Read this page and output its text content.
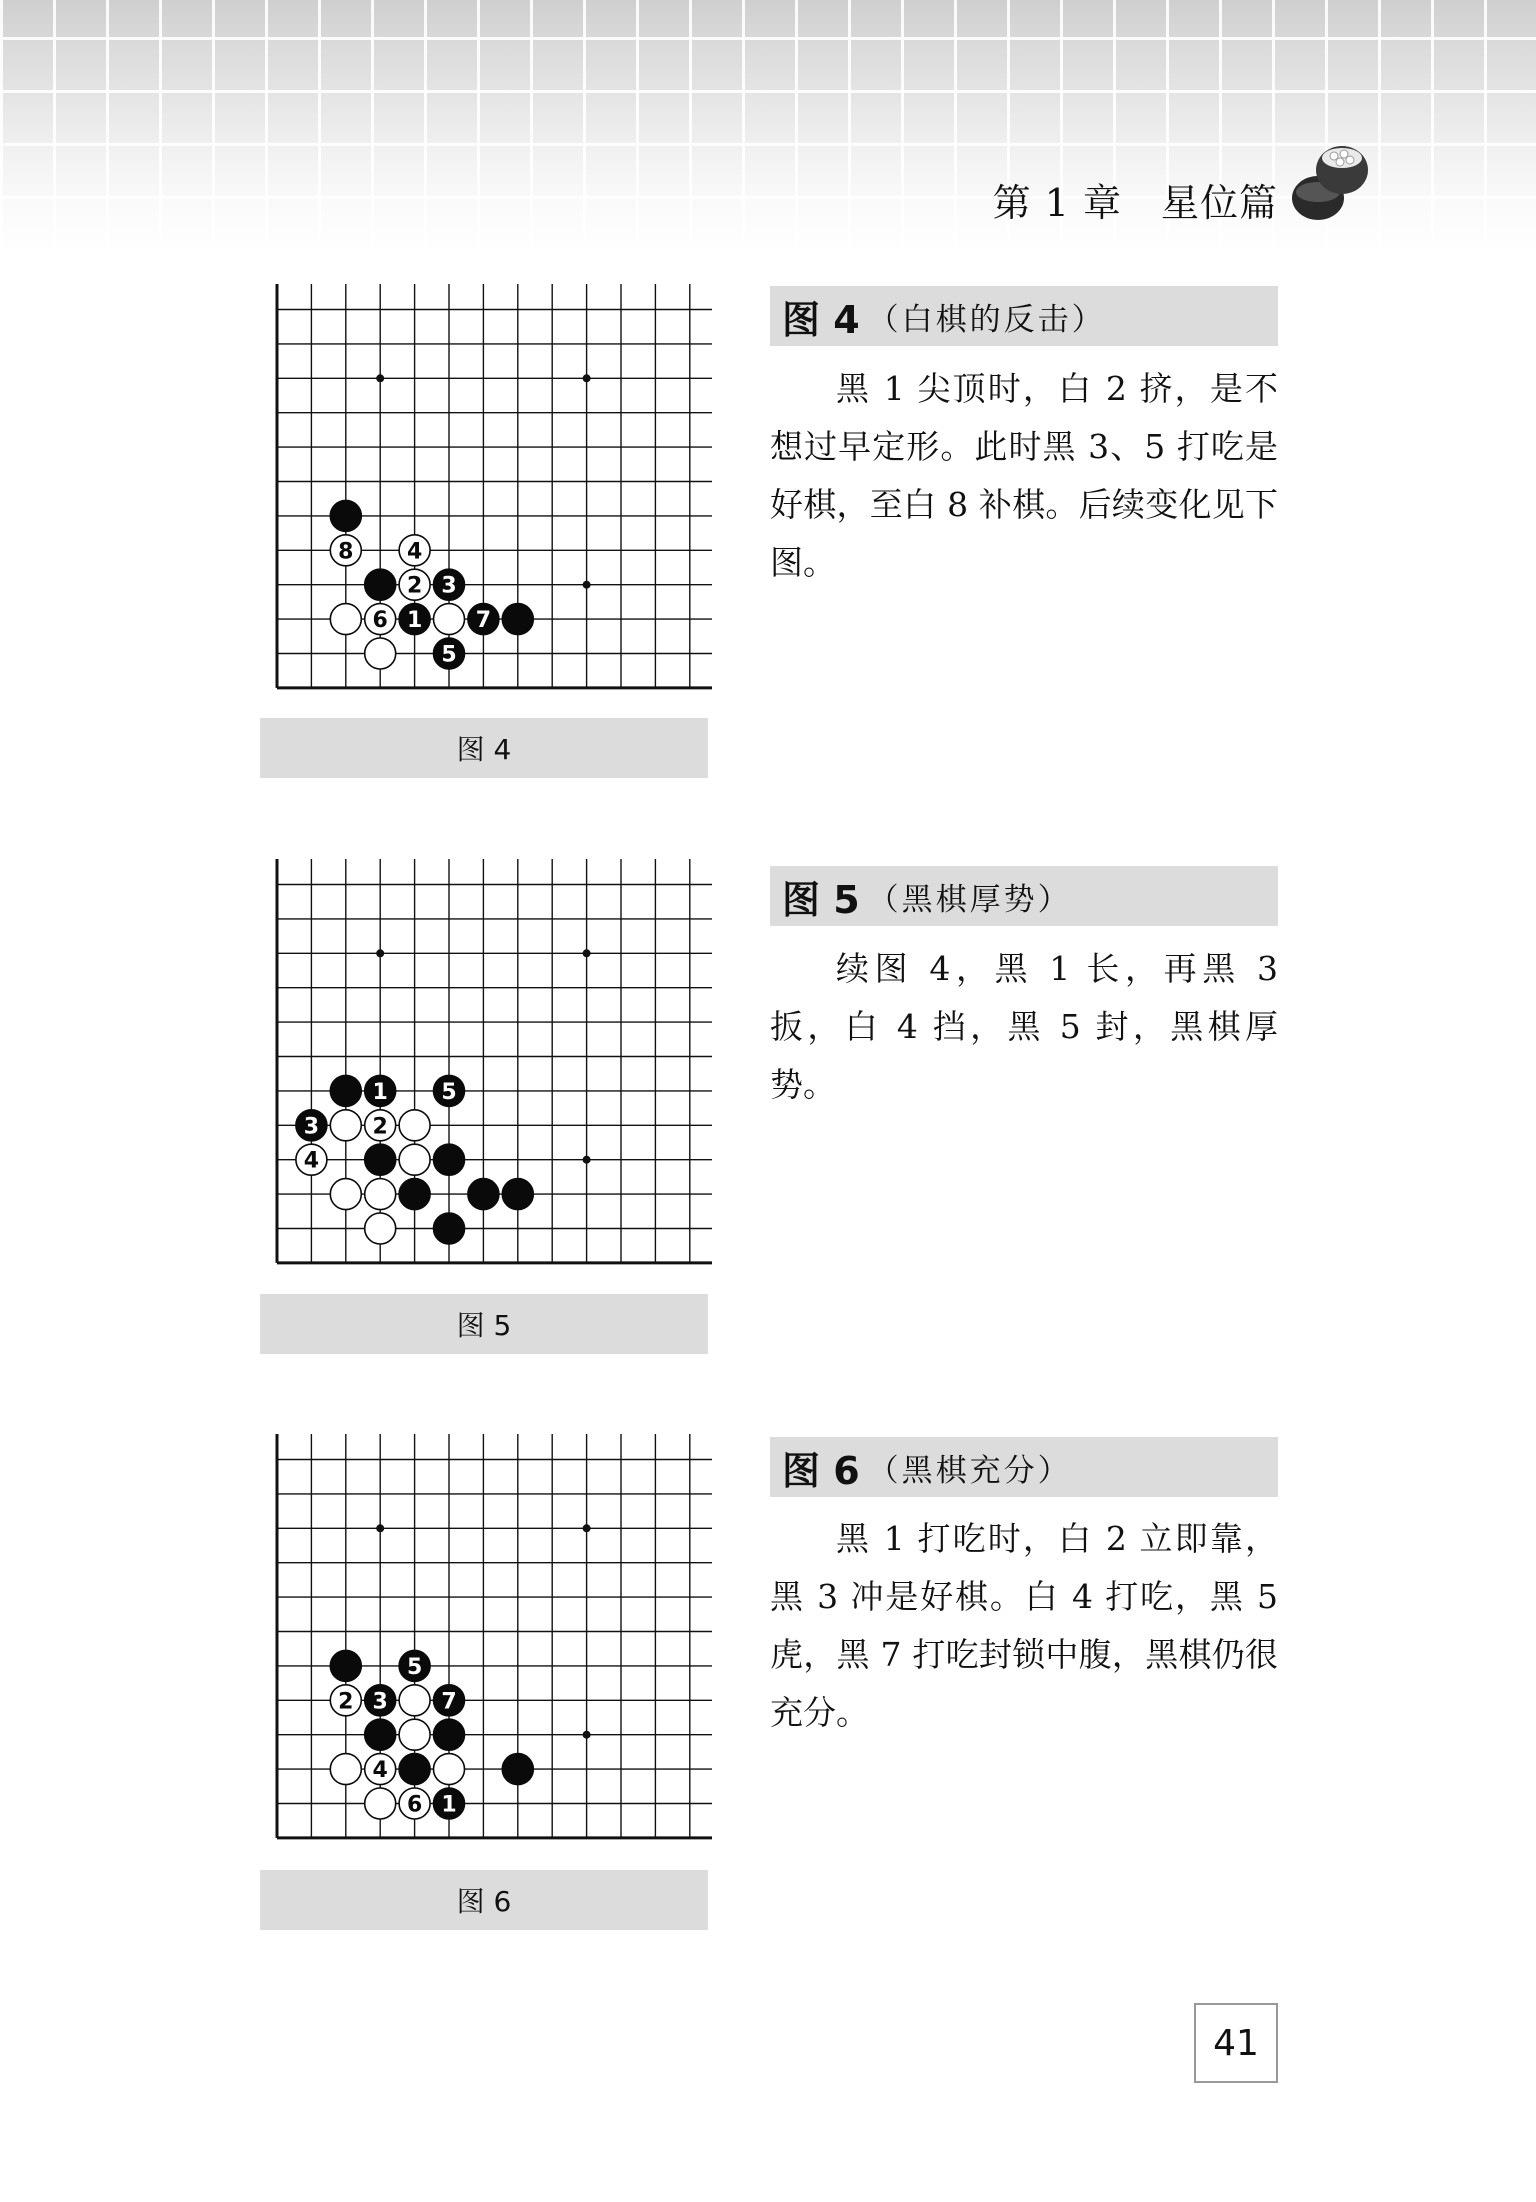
第 1 章　星位篇
8 4
2 3
6 1 7
5
图 4
图 4 （白棋的反击）

黑 1 尖顶时，白 2 挤，是不想过早定形。此时黑 3、5 打吃是好棋，至白 8 补棋。后续变化见下图。

1 5
3 2
4
图 5
图 5 （黑棋厚势）

续图 4，黑 1 长，再黑 3 扳，白 4 挡，黑 5 封，黑棋厚势。

5
2 3 7
4
6 1
图 6
图 6 （黑棋充分）

黑 1 打吃时，白 2 立即靠，黑 3 冲是好棋。白 4 打吃，黑 5 虎，黑 7 打吃封锁中腹，黑棋仍很充分。

41
